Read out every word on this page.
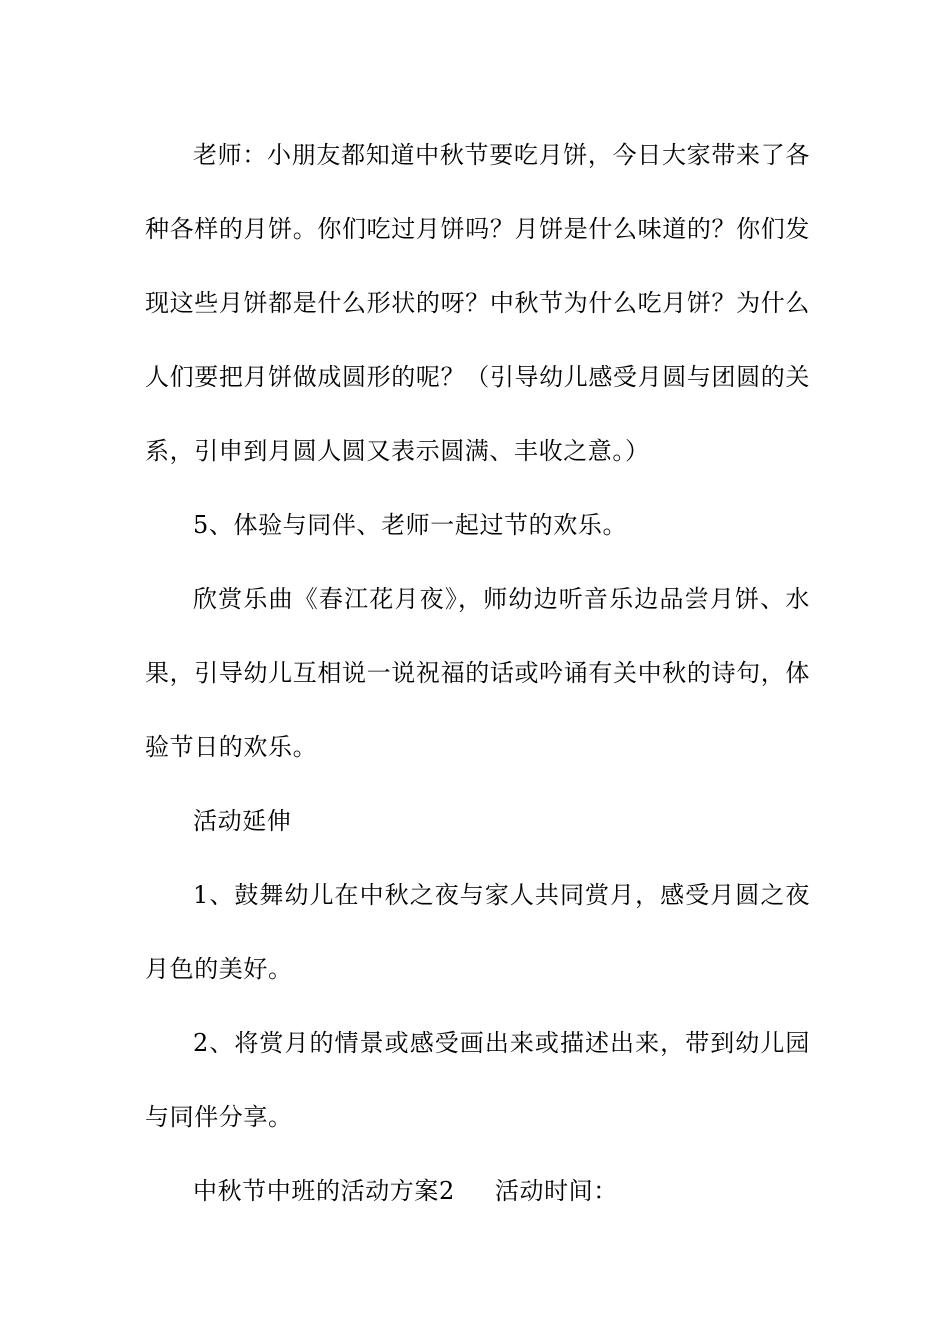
老师：小朋友都知道中秋节要吃月饼，今日大家带来了各种各样的月饼。你们吃过月饼吗？月饼是什么味道的？你们发现这些月饼都是什么形状的呀？中秋节为什么吃月饼？为什么人们要把月饼做成圆形的呢？（引导幼儿感受月圆与团圆的关系，引申到月圆人圆又表示圆满、丰收之意。）

5、体验与同伴、老师一起过节的欢乐。

欣赏乐曲《春江花月夜》，师幼边听音乐边品尝月饼、水果，引导幼儿互相说一说祝福的话或吟诵有关中秋的诗句，体验节日的欢乐。

活动延伸

1、鼓舞幼儿在中秋之夜与家人共同赏月，感受月圆之夜月色的美好。

2、将赏月的情景或感受画出来或描述出来，带到幼儿园与同伴分享。

中秋节中班的活动方案2 活动时间：
